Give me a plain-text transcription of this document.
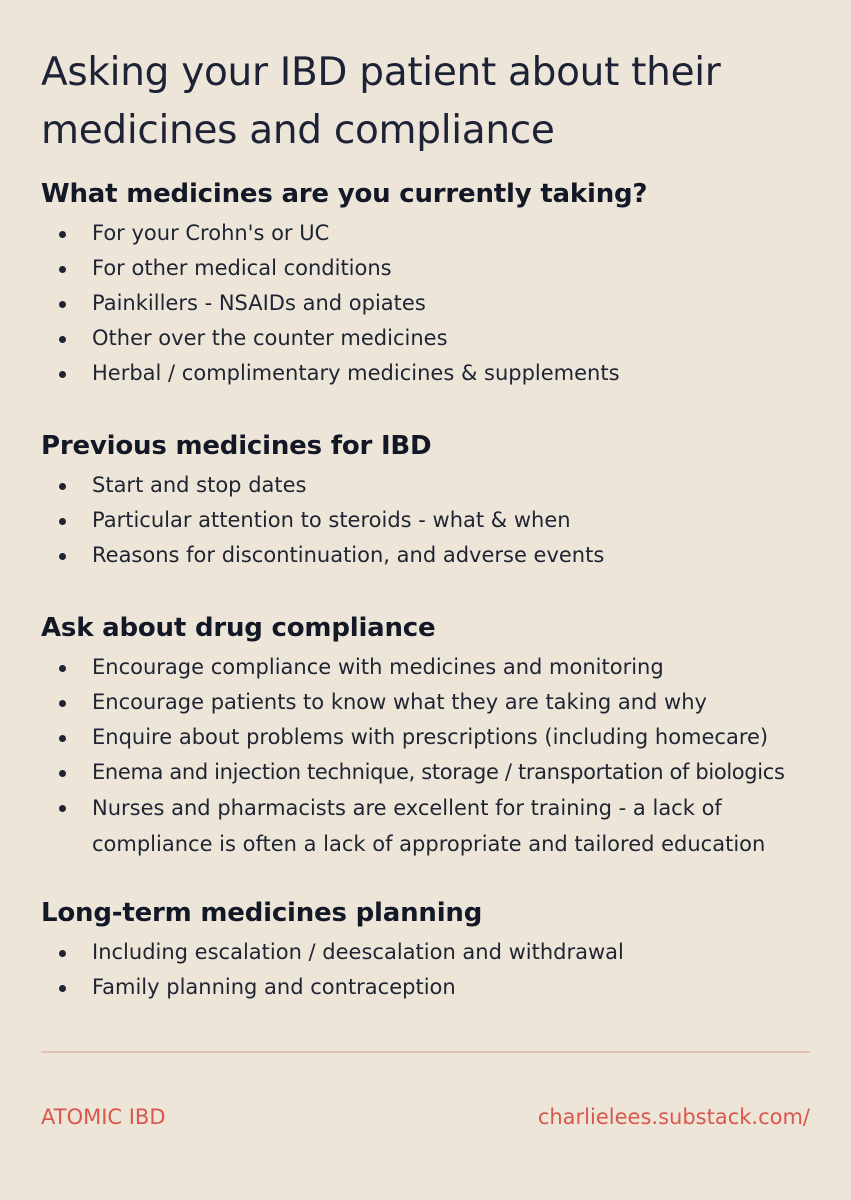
Asking your IBD patient about their
medicines and compliance
What medicines are you currently taking?
For your Crohn's or UC
For other medical conditions
Painkillers - NSAIDs and opiates
Other over the counter medicines
Herbal / complimentary medicines & supplements
Previous medicines for IBD
Start and stop dates
Particular attention to steroids - what & when
Reasons for discontinuation, and adverse events
Ask about drug compliance
Encourage compliance with medicines and monitoring
Encourage patients to know what they are taking and why
Enquire about problems with prescriptions (including homecare)
Enema and injection technique, storage / transportation of biologics
Nurses and pharmacists are excellent for training - a lack of compliance is often a lack of appropriate and tailored education
Long-term medicines planning
Including escalation / deescalation and withdrawal
Family planning and contraception
ATOMIC IBD	charlielees.substack.com/
